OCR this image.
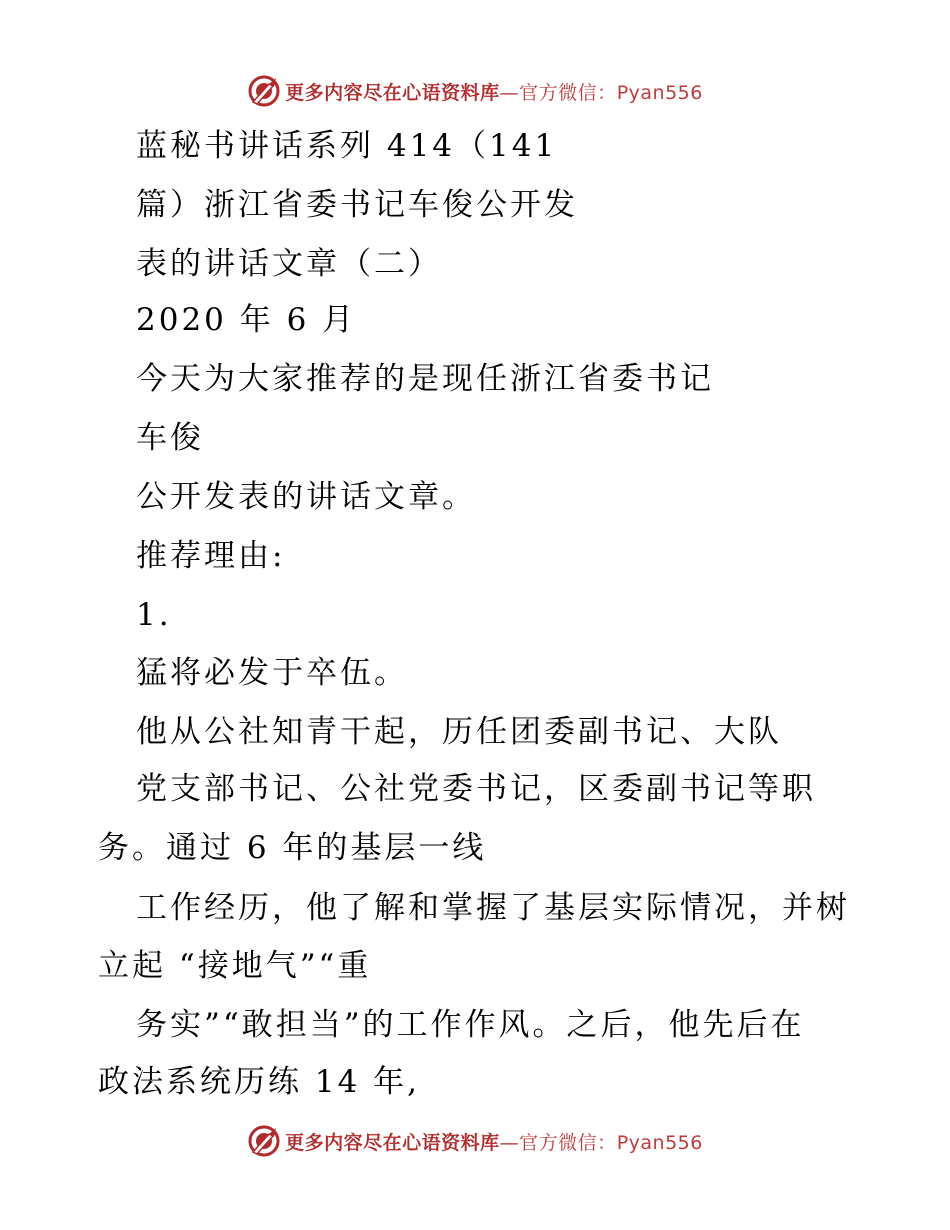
更多内容尽在心语资料库—官方微信：Pyan556
蓝秘书讲话系列 414（141
篇）浙江省委书记车俊公开发
表的讲话文章（二）
2020 年 6 月
今天为大家推荐的是现任浙江省委书记
车俊
公开发表的讲话文章。
推荐理由:
1.
猛将必发于卒伍。
他从公社知青干起，历任团委副书记、大队
党支部书记、公社党委书记，区委副书记等职
务。通过 6 年的基层一线
工作经历，他了解和掌握了基层实际情况，并树
立起 “接地气”“重
务实”“敢担当”的工作作风。之后，他先后在
政法系统历练 14 年,
更多内容尽在心语资料库—官方微信：Pyan556
